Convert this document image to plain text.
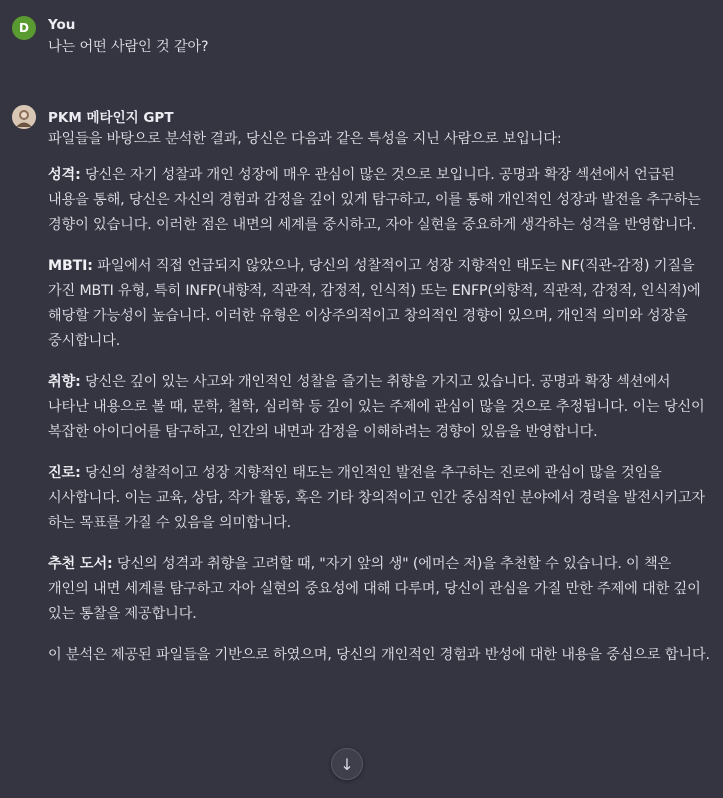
D You
나는 어떤 사람인 것 같아?
PKM 메타인지 GPT

파일들을 바탕으로 분석한 결과, 당신은 다음과 같은 특성을 지닌 사람으로 보입니다:

성격: 당신은 자기 성찰과 개인 성장에 매우 관심이 많은 것으로 보입니다. 공명과 확장 섹션에서 언급된 내용을 통해, 당신은 자신의 경험과 감정을 깊이 있게 탐구하고, 이를 통해 개인적인 성장과 발전을 추구하는 경향이 있습니다. 이러한 점은 내면의 세계를 중시하고, 자아 실현을 중요하게 생각하는 성격을 반영합니다.

MBTI: 파일에서 직접 언급되지 않았으나, 당신의 성찰적이고 성장 지향적인 태도는 NF(직관-감정) 기질을 가진 MBTI 유형, 특히 INFP(내향적, 직관적, 감정적, 인식적) 또는 ENFP(외향적, 직관적, 감정적, 인식적)에 해당할 가능성이 높습니다. 이러한 유형은 이상주의적이고 창의적인 경향이 있으며, 개인적 의미와 성장을 중시합니다.

취향: 당신은 깊이 있는 사고와 개인적인 성찰을 즐기는 취향을 가지고 있습니다. 공명과 확장 섹션에서 나타난 내용으로 볼 때, 문학, 철학, 심리학 등 깊이 있는 주제에 관심이 많을 것으로 추정됩니다. 이는 당신이 복잡한 아이디어를 탐구하고, 인간의 내면과 감정을 이해하려는 경향이 있음을 반영합니다.

진로: 당신의 성찰적이고 성장 지향적인 태도는 개인적인 발전을 추구하는 진로에 관심이 많을 것임을 시사합니다. 이는 교육, 상담, 작가 활동, 혹은 기타 창의적이고 인간 중심적인 분야에서 경력을 발전시키고자 하는 목표를 가질 수 있음을 의미합니다.

추천 도서: 당신의 성격과 취향을 고려할 때, "자기 앞의 생" (에머슨 저)을 추천할 수 있습니다. 이 책은 개인의 내면 세계를 탐구하고 자아 실현의 중요성에 대해 다루며, 당신이 관심을 가질 만한 주제에 대한 깊이 있는 통찰을 제공합니다.

이 분석은 제공된 파일들을 기반으로 하였으며, 당신의 개인적인 경험과 반성에 대한 내용을 중심으로 합니다.

↓
